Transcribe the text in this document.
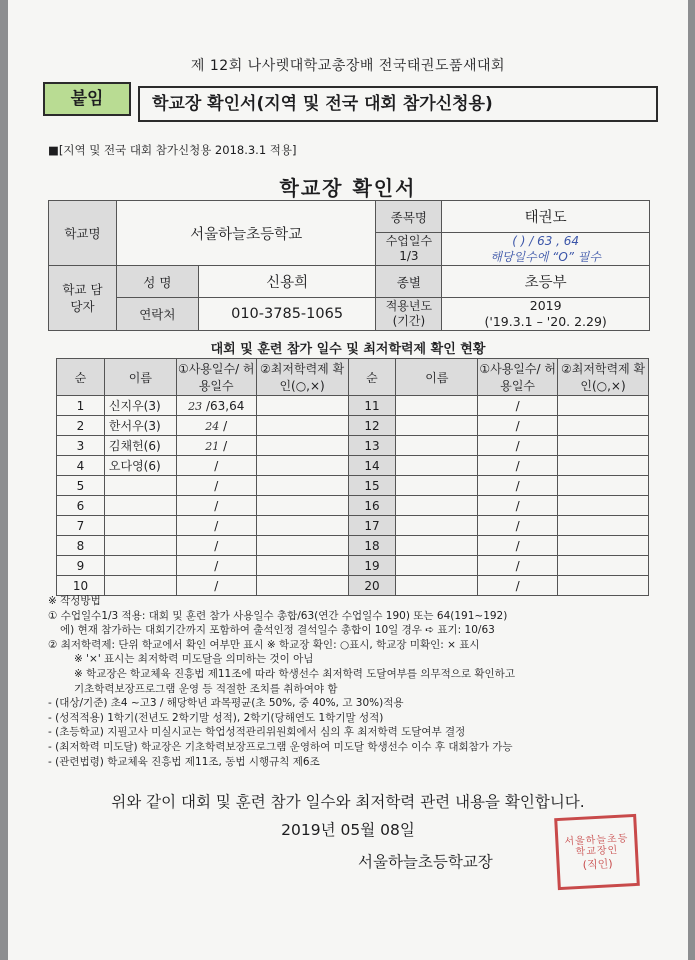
제 12회 나사렛대학교총장배 전국태권도품새대회
붙임	학교장 확인서(지역 및 전국 대회 참가신청용)
■[지역 및 전국 대회 참가신청용 2018.3.1 적용]
학교장 확인서
학교명	서울하늘초등학교		종목명	태권도
			수업일수 1/3	( ) / 63 , 64
해당일수에 “O” 필수

학교 담당자	성 명	신용희	종별	초등부
	연락처	010-3785-1065	적용년도 (기간)	2019
('19.3.1 – '20. 2.29)
대회 및 훈련 참가 일수 및 최저학력제 확인 현황
순	이름	①사용일수/ 허용일수	②최저학력제 확인(○,×)	순	이름	①사용일수/ 허용일수	②최저학력제 확인(○,×)
1	신지우(3)	23 /63,64		11		/	
2	한서우(3)	24 /		12		/	
3	김채헌(6)	21 /		13		/	
4	오다영(6)	/		14		/	
5		/		15		/	
6		/		16		/	
7		/		17		/	
8		/		18		/	
9		/		19		/	
10		/		20		/	
※ 작성방법
① 수업일수1/3 적용: 대회 및 훈련 참가 사용일수 총합/63(연간 수업일수 190) 또는 64(191~192)
에) 현재 참가하는 대회기간까지 포함하여 출석인정 결석일수 총합이 10일 경우 ➪ 표기: 10/63
② 최저학력제: 단위 학교에서 확인 여부만 표시 ※ 학교장 확인: ○표시, 학교장 미확인: × 표시
※ '×' 표시는 최저학력 미도달을 의미하는 것이 아님
※ 학교장은 학교체육 진흥법 제11조에 따라 학생선수 최저학력 도달여부를 의무적으로 확인하고
기초학력보장프로그램 운영 등 적절한 조치를 취하여야 함
- (대상/기준) 초4 ~고3 / 해당학년 과목평균(초 50%, 중 40%, 고 30%)적용
- (성적적용) 1학기(전년도 2학기말 성적), 2학기(당해연도 1학기말 성적)
- (초등학교) 지필고사 미실시교는 학업성적관리위원회에서 심의 후 최저학력 도달여부 결정
- (최저학력 미도달) 학교장은 기초학력보장프로그램 운영하여 미도달 학생선수 이수 후 대회참가 가능
- (관련법령) 학교체육 진흥법 제11조, 동법 시행규칙 제6조
위와 같이 대회 및 훈련 참가 일수와 최저학력 관련 내용을 확인합니다.
2019년 05월 08일
서울하늘초등학교장
서울하늘초등학교장인
(직인)
